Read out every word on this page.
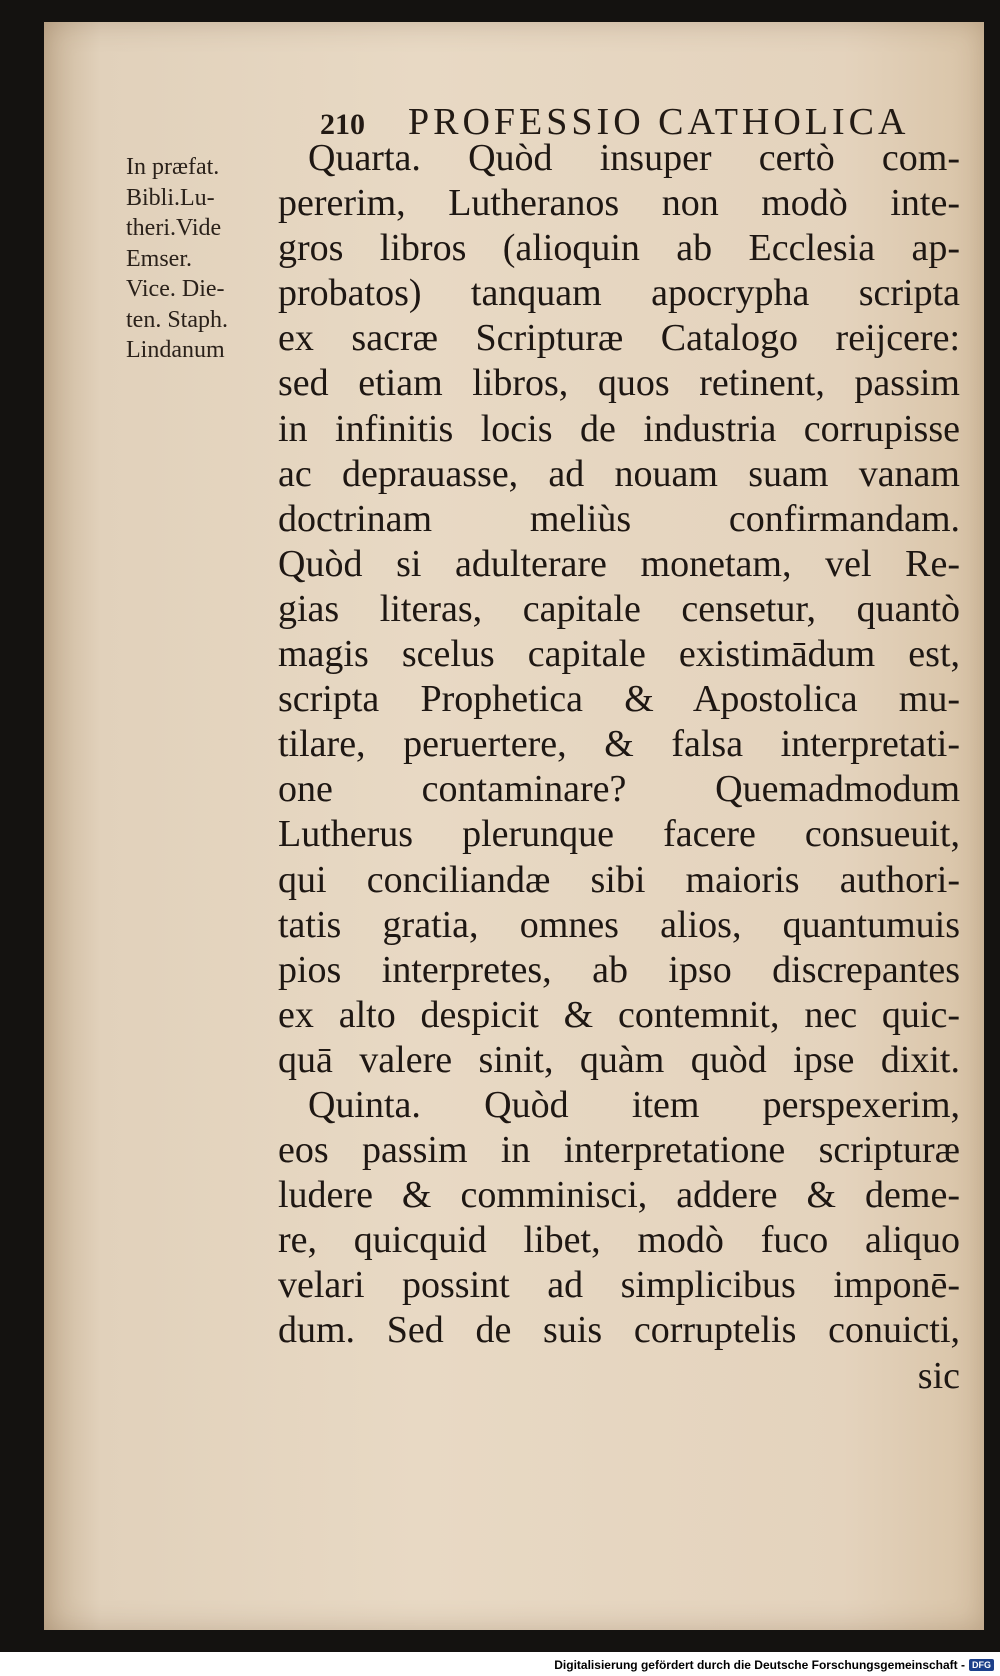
210 PROFESSIO CATHOLICA
In præfat.
Bibli.Lu-
theri.Vide
Emser.
Vice. Die-
ten. Staph.
Lindanum
Quarta. Quòd insuper certò com-
pererim, Lutheranos non modò inte-
gros libros (alioquin ab Ecclesia ap-
probatos) tanquam apocrypha scripta
ex sacræ Scripturæ Catalogo reijcere:
sed etiam libros, quos retinent, passim
in infinitis locis de industria corrupisse
ac deprauasse, ad nouam suam vanam
doctrinam meliùs confirmandam.
Quòd si adulterare monetam, vel Re-
gias literas, capitale censetur, quantò
magis scelus capitale existimādum est,
scripta Prophetica & Apostolica mu-
tilare, peruertere, & falsa interpretati-
one contaminare? Quemadmodum
Lutherus plerunque facere consueuit,
qui conciliandæ sibi maioris authori-
tatis gratia, omnes alios, quantumuis
pios interpretes, ab ipso discrepantes
ex alto despicit & contemnit, nec quic-
quā valere sinit, quàm quòd ipse dixit.
Quinta. Quòd item perspexerim,
eos passim in interpretatione scripturæ
ludere & comminisci, addere & deme-
re, quicquid libet, modò fuco aliquo
velari possint ad simplicibus imponē-
dum. Sed de suis corruptelis conuicti,
sic
Digitalisierung gefördert durch die Deutsche Forschungsgemeinschaft - DFG
